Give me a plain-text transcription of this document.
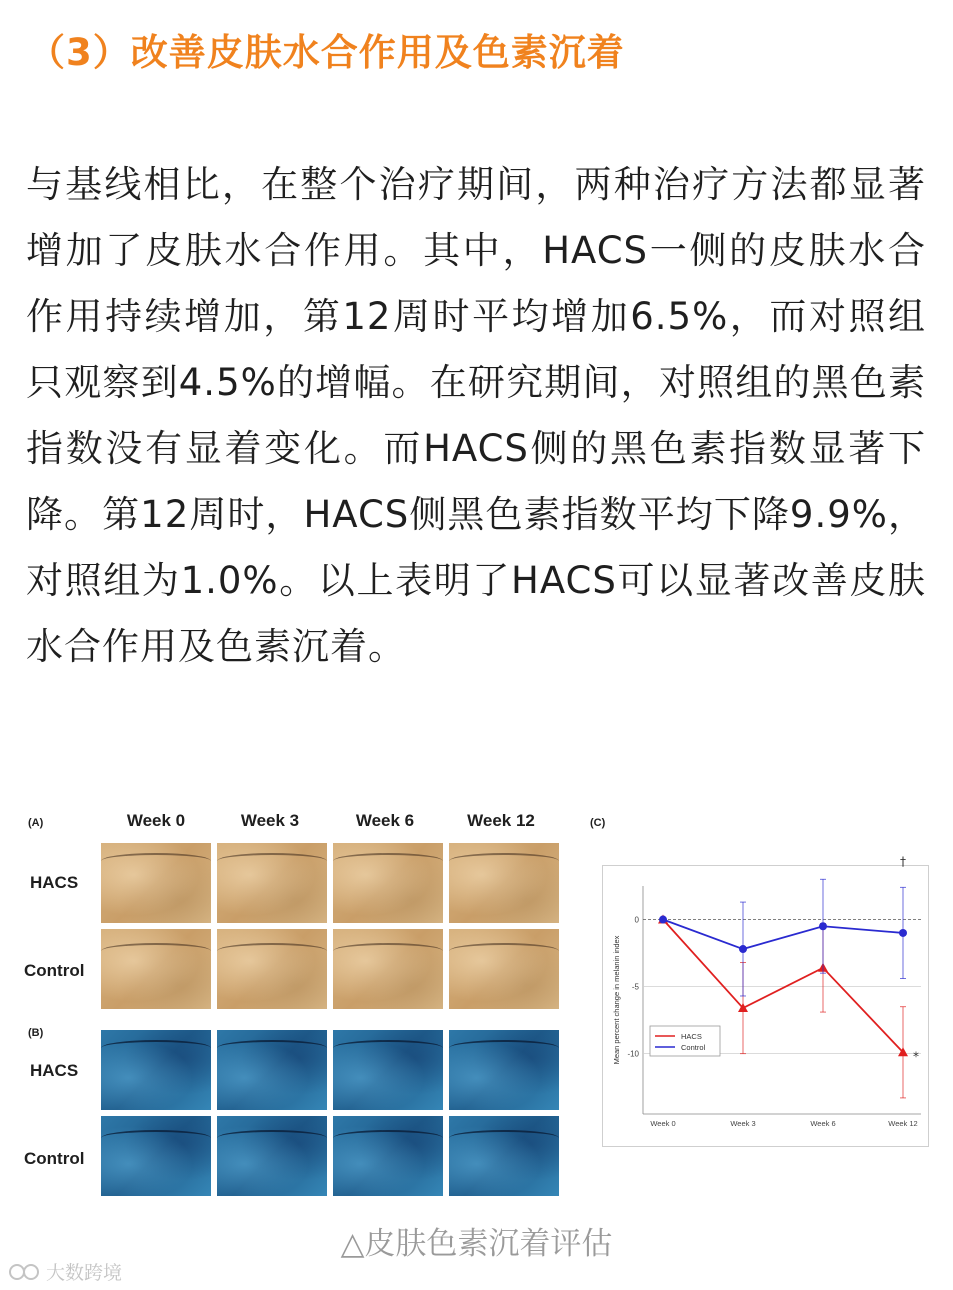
（3）改善皮肤水合作用及色素沉着

与基线相比，在整个治疗期间，两种治疗方法都显著增加了皮肤水合作用。其中，HACS一侧的皮肤水合作用持续增加，第12周时平均增加6.5%，而对照组只观察到4.5%的增幅。在研究期间，对照组的黑色素指数没有显着变化。而HACS侧的黑色素指数显著下降。第12周时，HACS侧黑色素指数平均下降9.9%，对照组为1.0%。以上表明了HACS可以显著改善皮肤水合作用及色素沉着。

(A)	(C)
(B)
Week 0	Week 3	Week 6	Week 12
HACS
Control
HACS
Control
0
-5
-10
Week 0	Week 3	Week 6	Week 12
Mean percent change in melanin index
†
*
HACS
Control

△皮肤色素沉着评估

大数跨境
